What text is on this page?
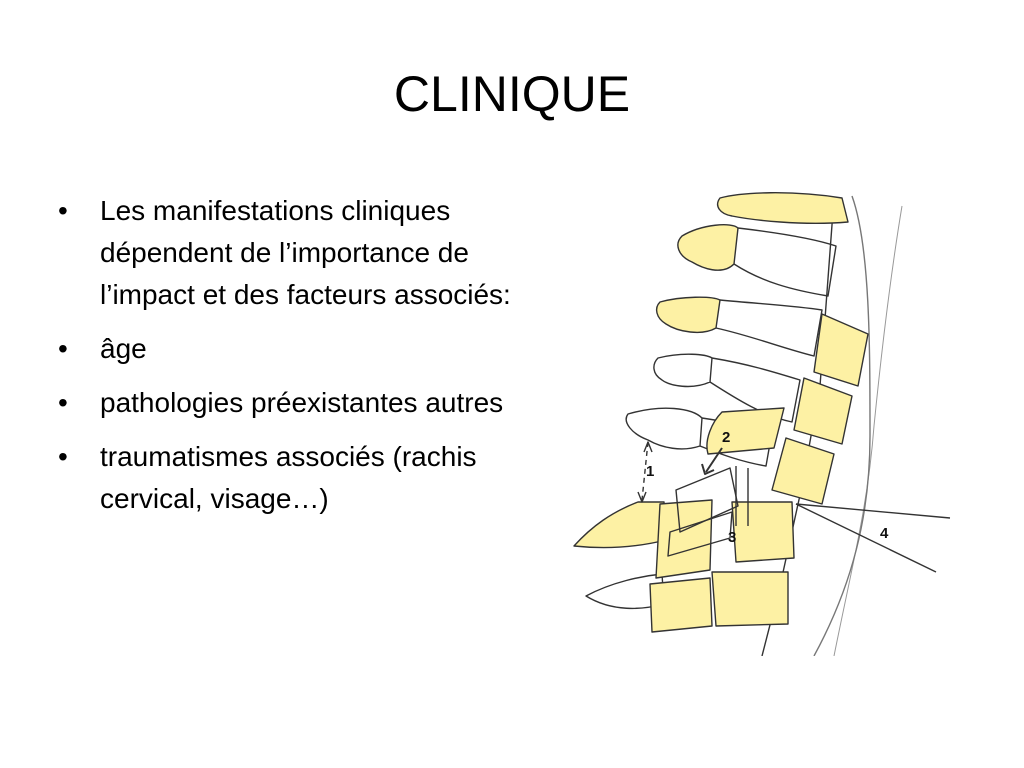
CLINIQUE
• Les manifestations cliniques dépendent de l’importance de l’impact et des facteurs associés:
• âge
• pathologies préexistantes autres
• traumatismes associés (rachis cervical, visage…)
1
2
3	4
